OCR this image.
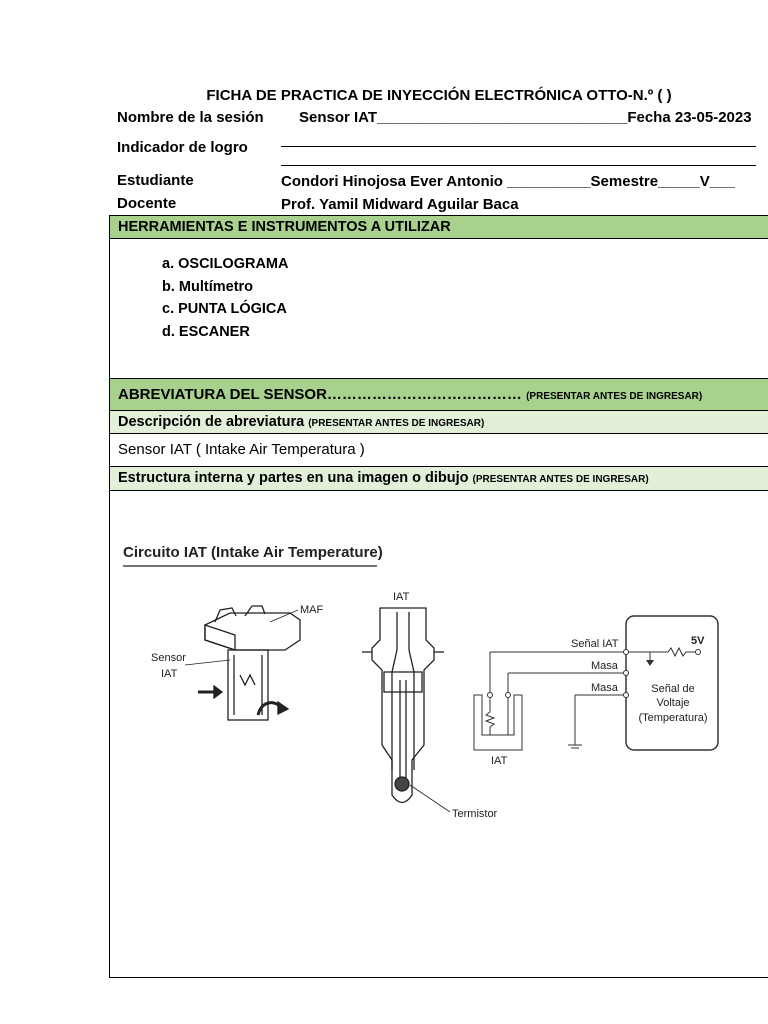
FICHA DE PRACTICA DE INYECCIÓN ELECTRÓNICA OTTO-N.º ( )
Nombre de la sesión Sensor IAT______________________________Fecha 23-05-2023
Indicador de logro
Estudiante	Condori Hinojosa Ever Antonio __________Semestre_____V___
Docente	Prof. Yamil Midward Aguilar Baca
HERRAMIENTAS E INSTRUMENTOS A UTILIZAR
a. OSCILOGRAMA
b. Multímetro
c. PUNTA LÓGICA
d. ESCANER
ABREVIATURA DEL SENSOR………………………………… (PRESENTAR ANTES DE INGRESAR)
Descripción de abreviatura (PRESENTAR ANTES DE INGRESAR)
Sensor IAT ( Intake Air Temperatura )
Estructura interna y partes en una imagen o dibujo (PRESENTAR ANTES DE INGRESAR)
Circuito IAT (Intake Air Temperature)
MAF
Sensor
IAT
IAT
Termistor
Señal IAT
Masa
Masa
5V
Señal de
Voltaje
(Temperatura)
IAT
